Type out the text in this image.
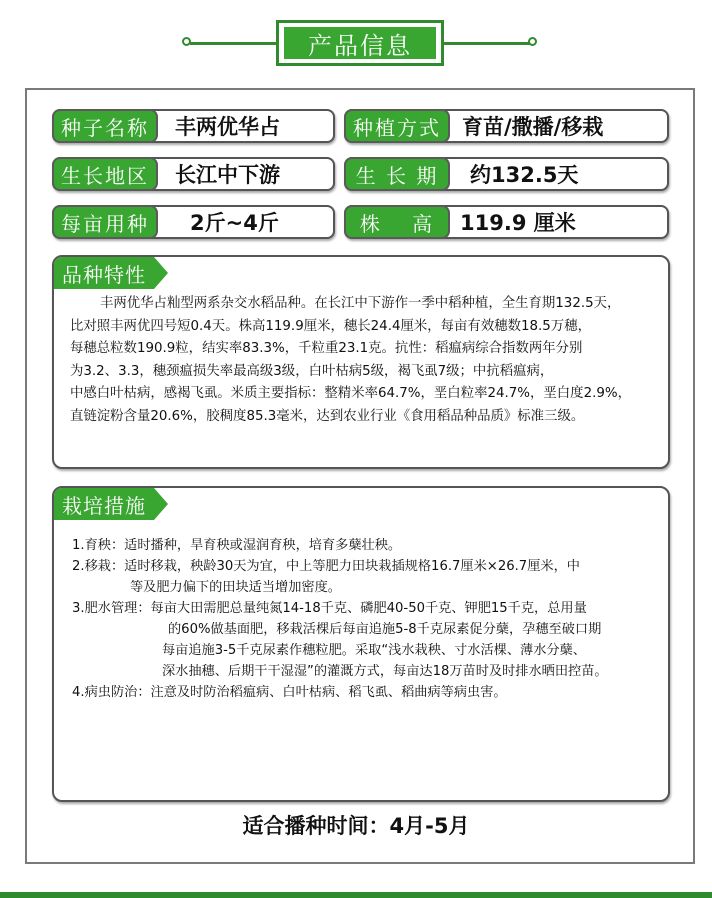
产品信息
种子名称	丰两优华占	种植方式	育苗/撒播/移栽
生长地区	长江中下游	生 长 期	约132.5天
每亩用种	2斤~4斤	株　 高	119.9 厘米
品种特性

丰两优华占籼型两系杂交水稻品种。在长江中下游作一季中稻种植，全生育期132.5天，

比对照丰两优四号短0.4天。株高119.9厘米，穗长24.4厘米，每亩有效穗数18.5万穗，

每穗总粒数190.9粒，结实率83.3%，千粒重23.1克。抗性：稻瘟病综合指数两年分别

为3.2、3.3，穗颈瘟损失率最高级3级，白叶枯病5级，褐飞虱7级；中抗稻瘟病，

中感白叶枯病，感褐飞虱。米质主要指标：整精米率64.7%，垩白粒率24.7%，垩白度2.9%，

直链淀粉含量20.6%，胶稠度85.3毫米，达到农业行业《食用稻品种品质》标准三级。

栽培措施

1.育秧：适时播种，旱育秧或湿润育秧，培育多蘖壮秧。

2.移栽：适时移栽，秧龄30天为宜，中上等肥力田块栽插规格16.7厘米×26.7厘米，中

等及肥力偏下的田块适当增加密度。

3.肥水管理：每亩大田需肥总量纯氮14-18千克、磷肥40-50千克、钾肥15千克，总用量

的60%做基面肥，移栽活棵后每亩追施5-8千克尿素促分蘖，孕穗至破口期

每亩追施3-5千克尿素作穗粒肥。采取“浅水栽秧、寸水活棵、薄水分蘖、

深水抽穗、后期干干湿湿”的灌溉方式，每亩达18万苗时及时排水晒田控苗。

4.病虫防治：注意及时防治稻瘟病、白叶枯病、稻飞虱、稻曲病等病虫害。

适合播种时间：4月-5月
